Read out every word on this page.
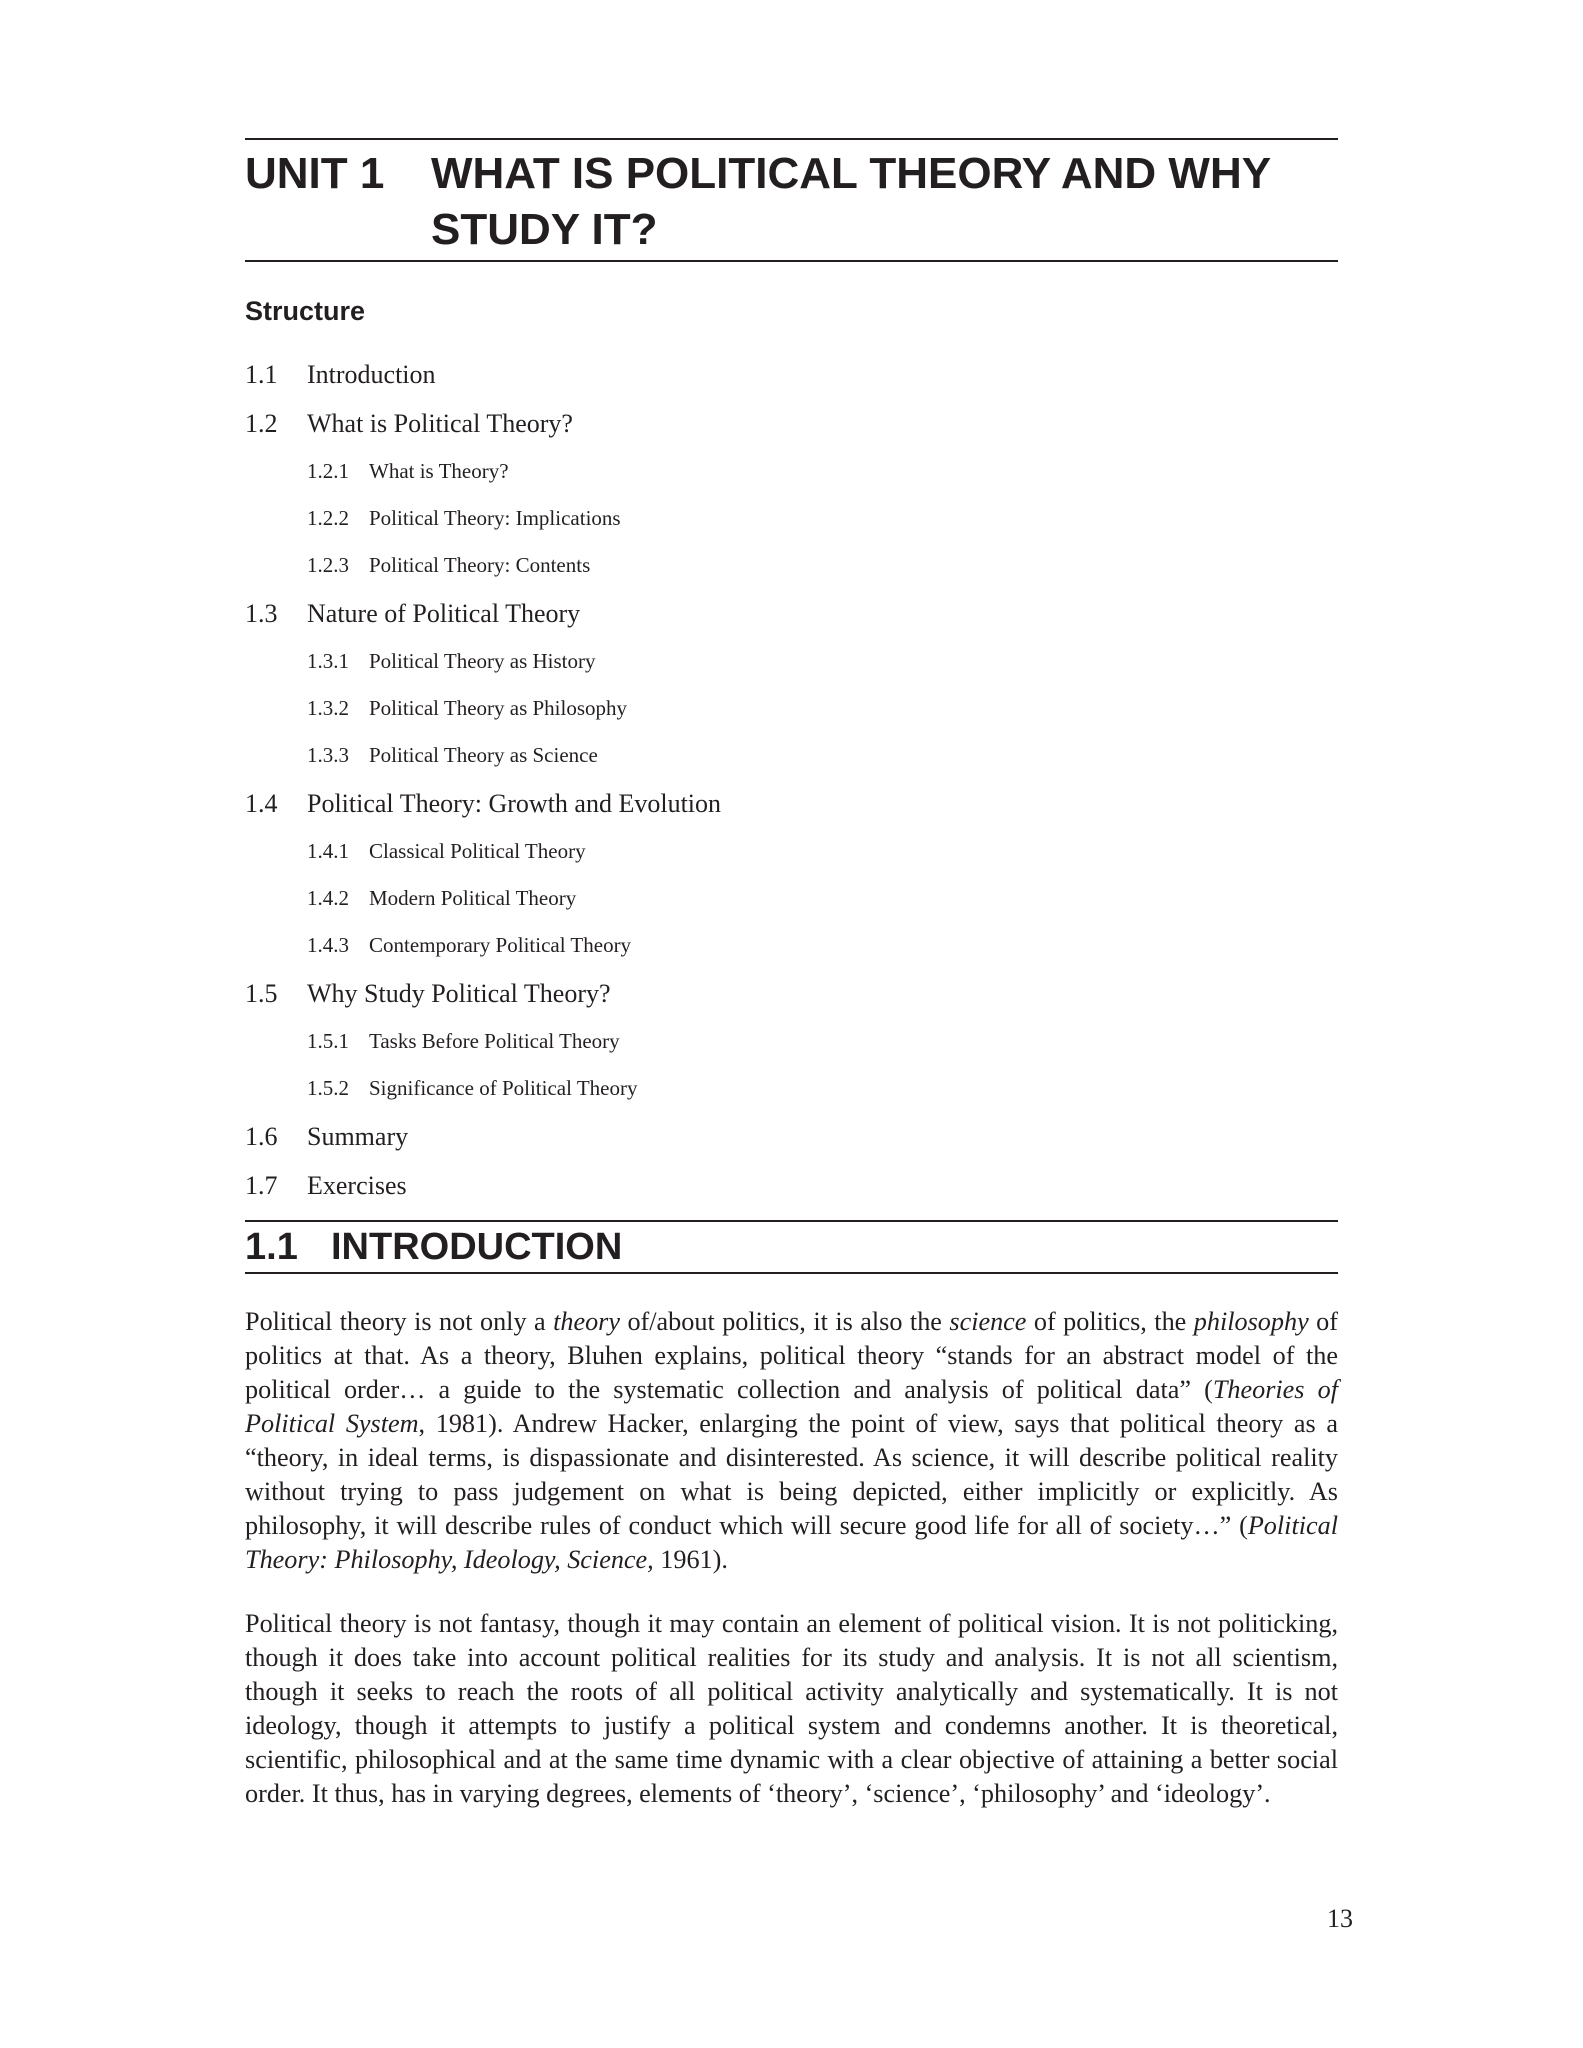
UNIT 1	WHAT IS POLITICAL THEORY AND WHY
STUDY IT?
Structure
1.1	Introduction
1.2	What is Political Theory?
1.2.1 What is Theory?
1.2.2 Political Theory: Implications
1.2.3 Political Theory: Contents
1.3	Nature of Political Theory
1.3.1 Political Theory as History
1.3.2 Political Theory as Philosophy
1.3.3 Political Theory as Science
1.4	Political Theory: Growth and Evolution
1.4.1 Classical Political Theory
1.4.2 Modern Political Theory
1.4.3 Contemporary Political Theory
1.5	Why Study Political Theory?
1.5.1 Tasks Before Political Theory
1.5.2 Significance of Political Theory
1.6	Summary
1.7	Exercises
1.1 INTRODUCTION

Political theory is not only a theory of/about politics, it is also the science of politics, the philosophy of politics at that. As a theory, Bluhen explains, political theory “stands for an abstract model of the political order… a guide to the systematic collection and analysis of political data” (Theories of Political System, 1981). Andrew Hacker, enlarging the point of view, says that political theory as a “theory, in ideal terms, is dispassionate and disinterested. As science, it will describe political reality without trying to pass judgement on what is being depicted, either implicitly or explicitly. As philosophy, it will describe rules of conduct which will secure good life for all of society…” (Political Theory: Philosophy, Ideology, Science, 1961).

Political theory is not fantasy, though it may contain an element of political vision. It is not politicking, though it does take into account political realities for its study and analysis. It is not all scientism, though it seeks to reach the roots of all political activity analytically and systematically. It is not ideology, though it attempts to justify a political system and condemns another. It is theoretical, scientific, philosophical and at the same time dynamic with a clear objective of attaining a better social order. It thus, has in varying degrees, elements of ‘theory’, ‘science’, ‘philosophy’ and ‘ideology’.

13
